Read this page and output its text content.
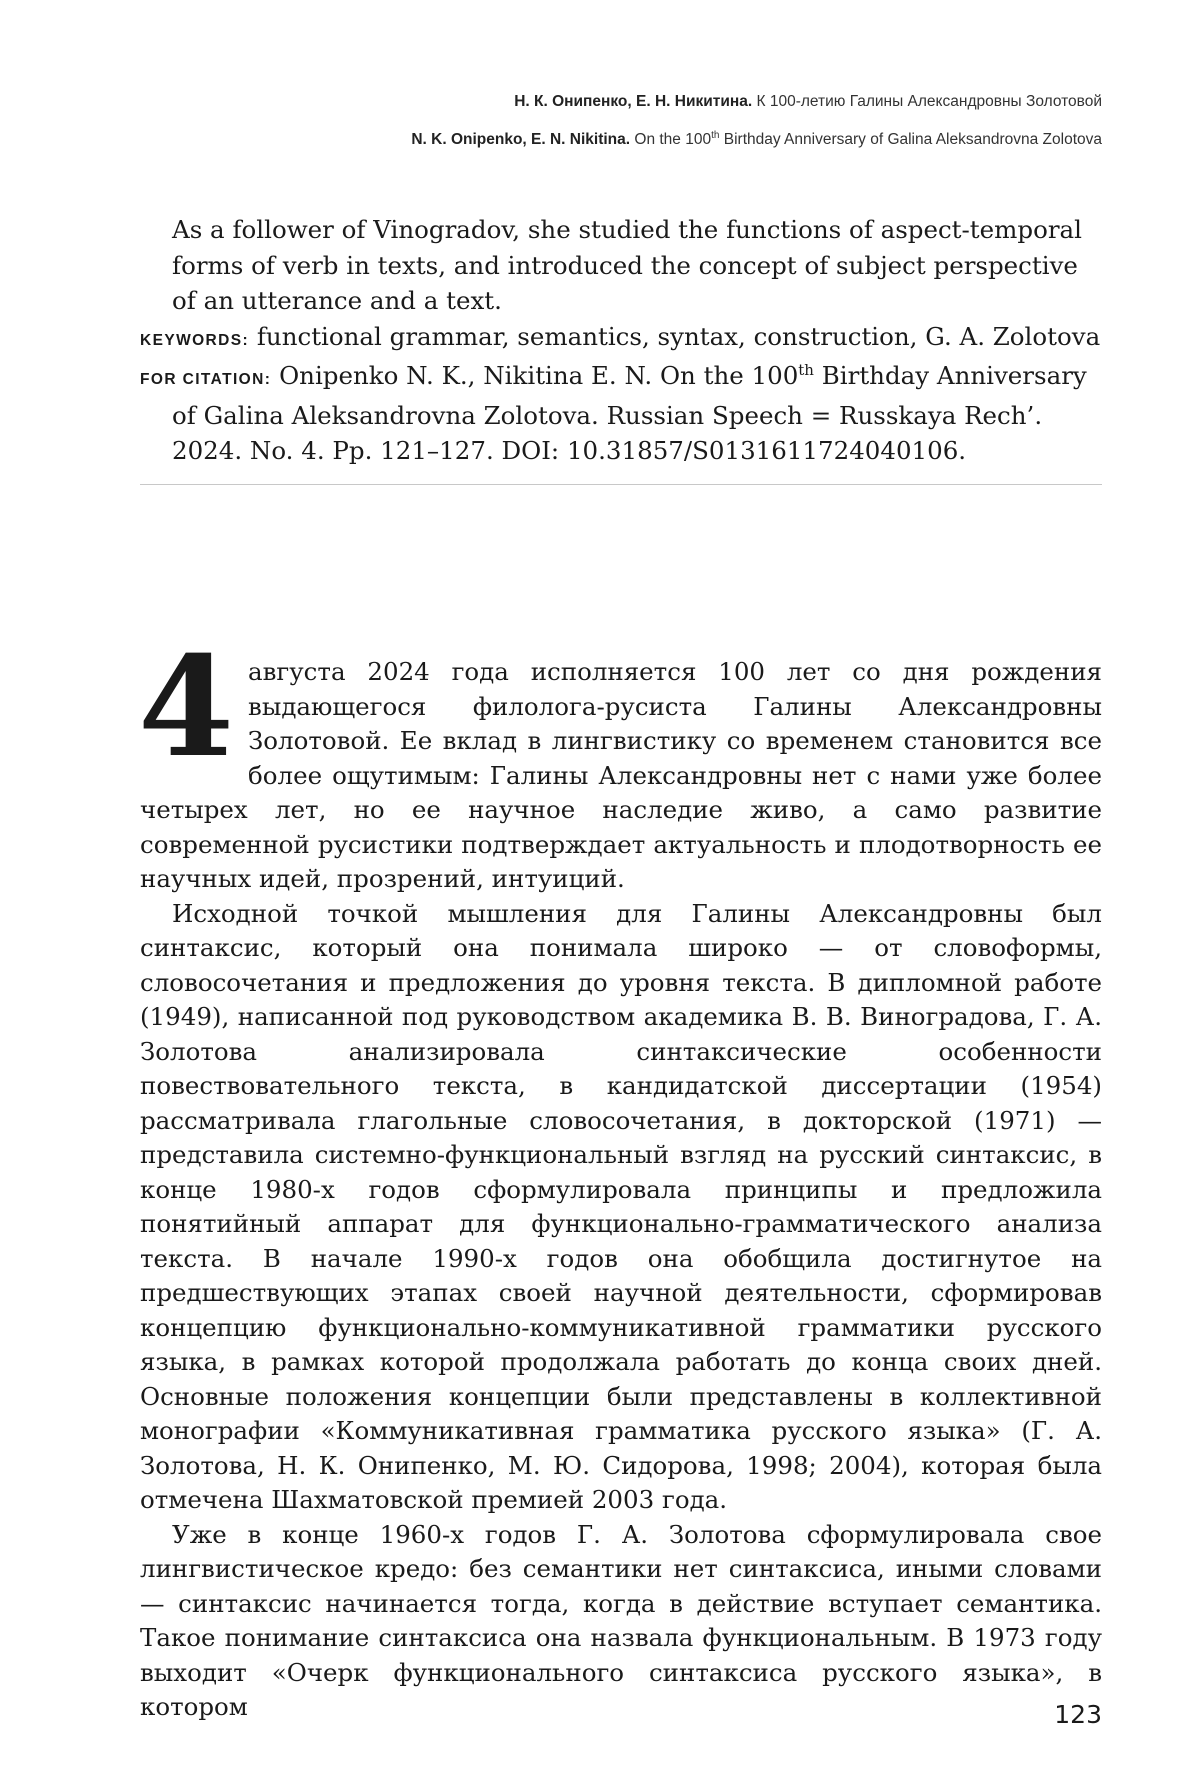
Н. К. Онипенко, Е. Н. Никитина. К 100-летию Галины Александровны Золотовой
N. K. Onipenko, E. N. Nikitina. On the 100th Birthday Anniversary of Galina Aleksandrovna Zolotova

As a follower of Vinogradov, she studied the functions of aspect-temporal forms of verb in texts, and introduced the concept of subject perspective of an utterance and a text.

KEYWORDS: functional grammar, semantics, syntax, construction, G. A. Zolotova

FOR CITATION: Onipenko N. K., Nikitina E. N. On the 100th Birthday Anniversary of Galina Aleksandrovna Zolotova. Russian Speech = Russkaya Rech’. 2024. No. 4. Pp. 121–127. DOI: 10.31857/S0131611724040106.

4 августа 2024 года исполняется 100 лет со дня рождения выдающегося филолога-русиста Галины Александровны Золотовой. Ее вклад в лингвистику со временем становится все более ощутимым: Галины Александровны нет с нами уже более четырех лет, но ее научное наследие живо, а само развитие современной русистики подтверждает актуальность и плодотворность ее научных идей, прозрений, интуиций.

Исходной точкой мышления для Галины Александровны был синтаксис, который она понимала широко — от словоформы, словосочетания и предложения до уровня текста. В дипломной работе (1949), написанной под руководством академика В. В. Виноградова, Г. А. Золотова анализировала синтаксические особенности повествовательного текста, в кандидатской диссертации (1954) рассматривала глагольные словосочетания, в докторской (1971) — представила системно-функциональный взгляд на русский синтаксис, в конце 1980-х годов сформулировала принципы и предложила понятийный аппарат для функционально-грамматического анализа текста. В начале 1990-х годов она обобщила достигнутое на предшествующих этапах своей научной деятельности, сформировав концепцию функционально-коммуникативной грамматики русского языка, в рамках которой продолжала работать до конца своих дней. Основные положения концепции были представлены в коллективной монографии «Коммуникативная грамматика русского языка» (Г. А. Золотова, Н. К. Онипенко, М. Ю. Сидорова, 1998; 2004), которая была отмечена Шахматовской премией 2003 года.

Уже в конце 1960-х годов Г. А. Золотова сформулировала свое лингвистическое кредо: без семантики нет синтаксиса, иными словами — синтаксис начинается тогда, когда в действие вступает семантика. Такое понимание синтаксиса она назвала функциональным. В 1973 году выходит «Очерк функционального синтаксиса русского языка», в котором	123
